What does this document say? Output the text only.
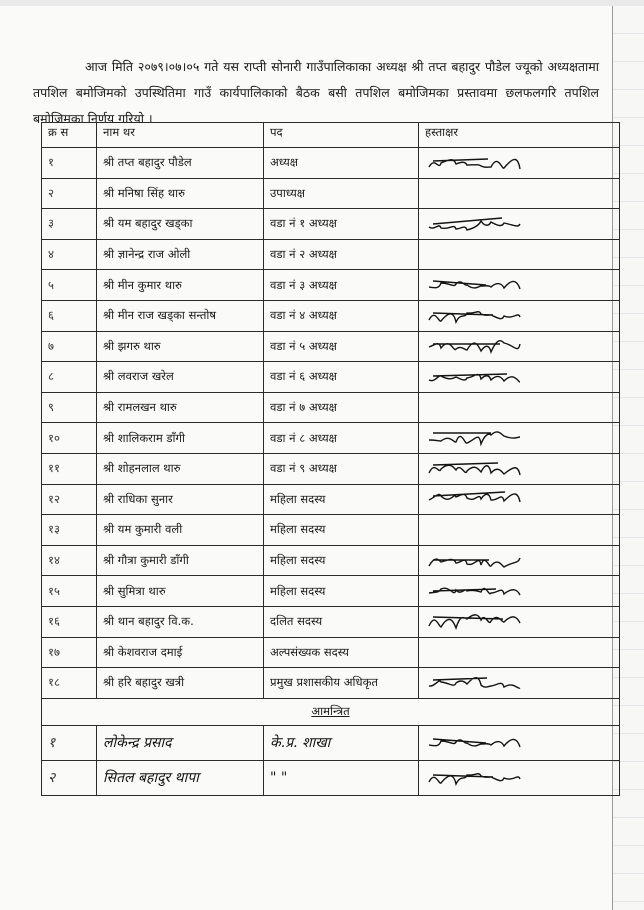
आज मिति २०७९।०७।०५ गते यस राप्ती सोनारी गाउँपालिकाका अध्यक्ष श्री तप्त बहादुर पौडेल ज्यूको अध्यक्षतामा तपशिल बमोजिमको उपस्थितिमा गाउँ कार्यपालिकाको बैठक बसी तपशिल बमोजिमका प्रस्तावमा छलफलगरि तपशिल बमोजिमका निर्णय गरियो ।

क्र स	नाम थर	पद	हस्ताक्षर
१	श्री तप्त बहादुर पौडेल	अध्यक्ष	

२	श्री मनिषा सिंह थारु	उपाध्यक्ष	
३	श्री यम बहादुर खड्का	वडा नं १ अध्यक्ष	

४	श्री ज्ञानेन्द्र राज ओली	वडा नं २ अध्यक्ष	
५	श्री मीन कुमार थारु	वडा नं ३ अध्यक्ष	

६	श्री मीन राज खड्का सन्तोष	वडा नं ४ अध्यक्ष	

७	श्री झगरु थारु	वडा नं ५ अध्यक्ष	

८	श्री लवराज खरेल	वडा नं ६ अध्यक्ष	

९	श्री रामलखन थारु	वडा नं ७ अध्यक्ष	
१०	श्री शालिकराम डाँगी	वडा नं ८ अध्यक्ष	

११	श्री शोहनलाल थारु	वडा नं ९ अध्यक्ष	

१२	श्री राधिका सुनार	महिला सदस्य	

१३	श्री यम कुमारी वली	महिला सदस्य	
१४	श्री गौत्रा कुमारी डाँगी	महिला सदस्य	

१५	श्री सुमित्रा थारु	महिला सदस्य	

१६	श्री थान बहादुर वि.क.	दलित सदस्य	

१७	श्री केशवराज दमाई	अल्पसंख्यक सदस्य	
१८	श्री हरि बहादुर खत्री	प्रमुख प्रशासकीय अधिकृत	

आमन्त्रित			
१	लोकेन्द्र प्रसाद	के.प्र. शाखा	

२	सितल बहादुर थापा	" "	
